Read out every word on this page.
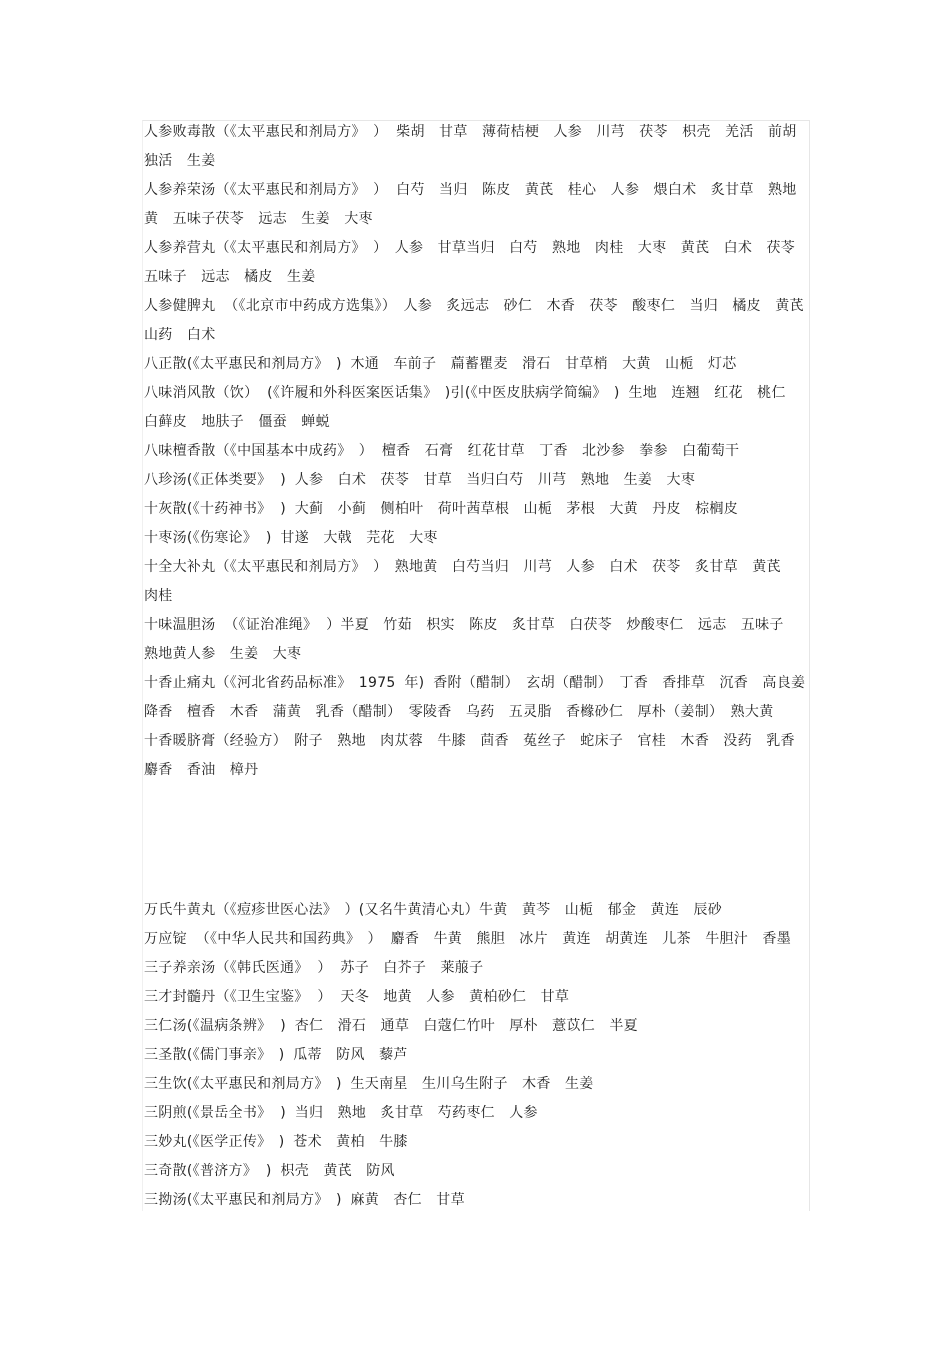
人参败毒散（《太平惠民和剂局方》　） 柴胡　甘草　薄荷桔梗　人参　川芎　茯苓　枳壳　羌活　前胡　独活　生姜

人参养荣汤（《太平惠民和剂局方》　） 白芍　当归　陈皮　黄芪　桂心　人参　煨白术　炙甘草　熟地黄　五味子茯苓　远志　生姜　大枣

人参养营丸（《太平惠民和剂局方》　）　人参　甘草当归　白芍　熟地　肉桂　大枣　黄芪　白术　茯苓　五味子　远志　橘皮　生姜

人参健脾丸 （《北京市中药成方选集》）　人参　炙远志　砂仁　木香　茯苓　酸枣仁　当归　橘皮　黄芪　山药　白术

八正散(《太平惠民和剂局方》　) 木通　车前子　萹蓄瞿麦　滑石　甘草梢　大黄　山栀　灯芯

八味消风散（饮） (《许履和外科医案医话集》　)引(《中医皮肤病学简编》　) 生地　连翘　红花　桃仁　白藓皮　地肤子　僵蚕　蝉蜕

八味檀香散（《中国基本中成药》　） 檀香　石膏　红花甘草　丁香　北沙参　拳参　白葡萄干

八珍汤(《正体类要》 ) 人参　白术　茯苓　甘草　当归白芍　川芎　熟地　生姜　大枣

十灰散(《十药神书》 ) 大蓟　小蓟　侧柏叶　荷叶茜草根　山栀　茅根　大黄　丹皮　棕榈皮

十枣汤(《伤寒论》 ) 甘遂　大戟　芫花　大枣

十全大补丸（《太平惠民和剂局方》　）　熟地黄　白芍当归　川芎　人参　白术　茯苓　炙甘草　黄芪　肉桂

十味温胆汤 （《证治准绳》 ）半夏　竹茹　枳实　陈皮　炙甘草　白茯苓　炒酸枣仁　远志　五味子　熟地黄人参　生姜　大枣

十香止痛丸（《河北省药品标准》　1975 年) 香附（醋制）　玄胡（醋制）　丁香　香排草　沉香　高良姜　降香　檀香　木香　蒲黄　乳香（醋制）　零陵香　乌药　五灵脂　香橼砂仁　厚朴（姜制）　熟大黄

十香暖脐膏（经验方）　附子　熟地　肉苁蓉　牛膝　茴香　菟丝子　蛇床子　官桂　木香　没药　乳香　麝香　香油　樟丹

万氏牛黄丸（《痘疹世医心法》　）(又名牛黄清心丸）牛黄　黄芩　山栀　郁金　黄连　辰砂

万应锭 （《中华人民共和国药典》　） 麝香　牛黄　熊胆　冰片　黄连　胡黄连　儿茶　牛胆汁　香墨

三子养亲汤（《韩氏医通》 ） 苏子　白芥子　莱菔子

三才封髓丹（《卫生宝鉴》 ） 天冬　地黄　人参　黄柏砂仁　甘草

三仁汤(《温病条辨》 ) 杏仁　滑石　通草　白蔻仁竹叶　厚朴　薏苡仁　半夏

三圣散(《儒门事亲》　) 瓜蒂　防风　藜芦

三生饮(《太平惠民和剂局方》　) 生天南星　生川乌生附子　木香　生姜

三阴煎(《景岳全书》 ) 当归　熟地　炙甘草　芍药枣仁　人参

三妙丸(《医学正传》　) 苍术　黄柏　牛膝

三奇散(《普济方》 ) 枳壳　黄芪　防风

三拗汤(《太平惠民和剂局方》　) 麻黄　杏仁　甘草
